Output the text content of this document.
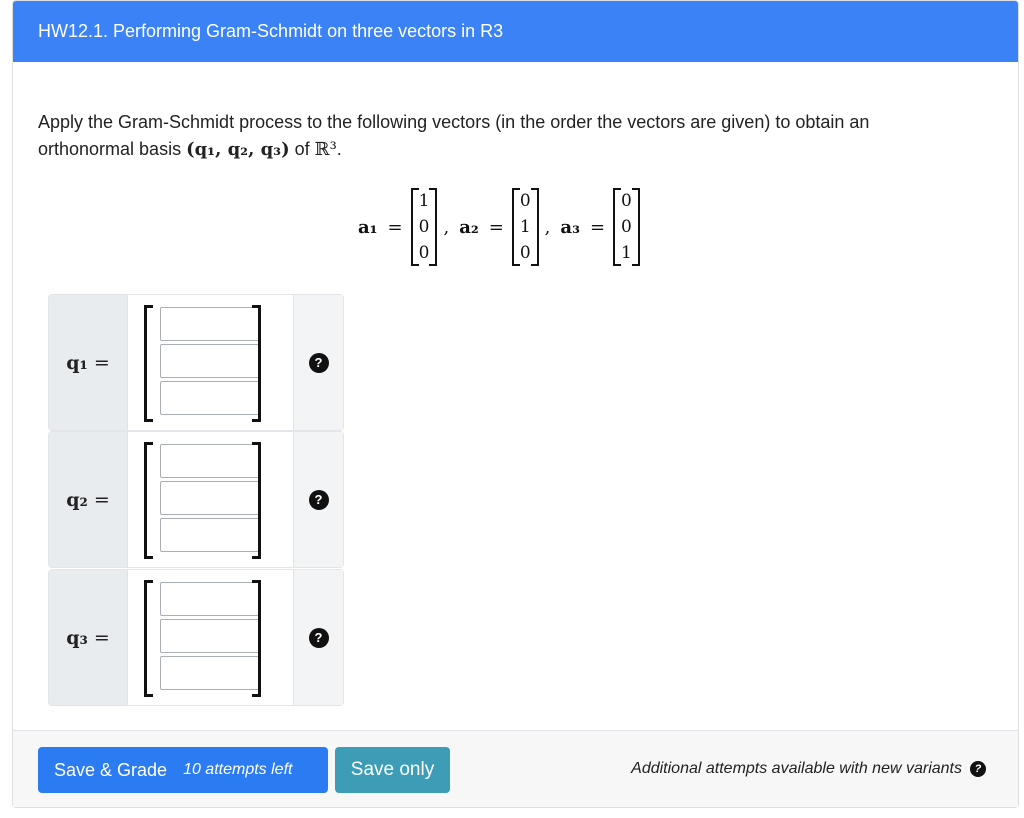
HW12.1. Performing Gram-Schmidt on three vectors in R3
Apply the Gram-Schmidt process to the following vectors (in the order the vectors are given) to obtain an
orthonormal basis (q₁, q₂, q₃) of ℝ³.
a₁ =
1
0
0
, a₂ =
0
1
0
, a₃ =
0
0
1
q₁
=	?
q₂
=	?
q₃
=	?
Save & Grade 10 attempts left	Save only	Additional attempts available with new variants	?
